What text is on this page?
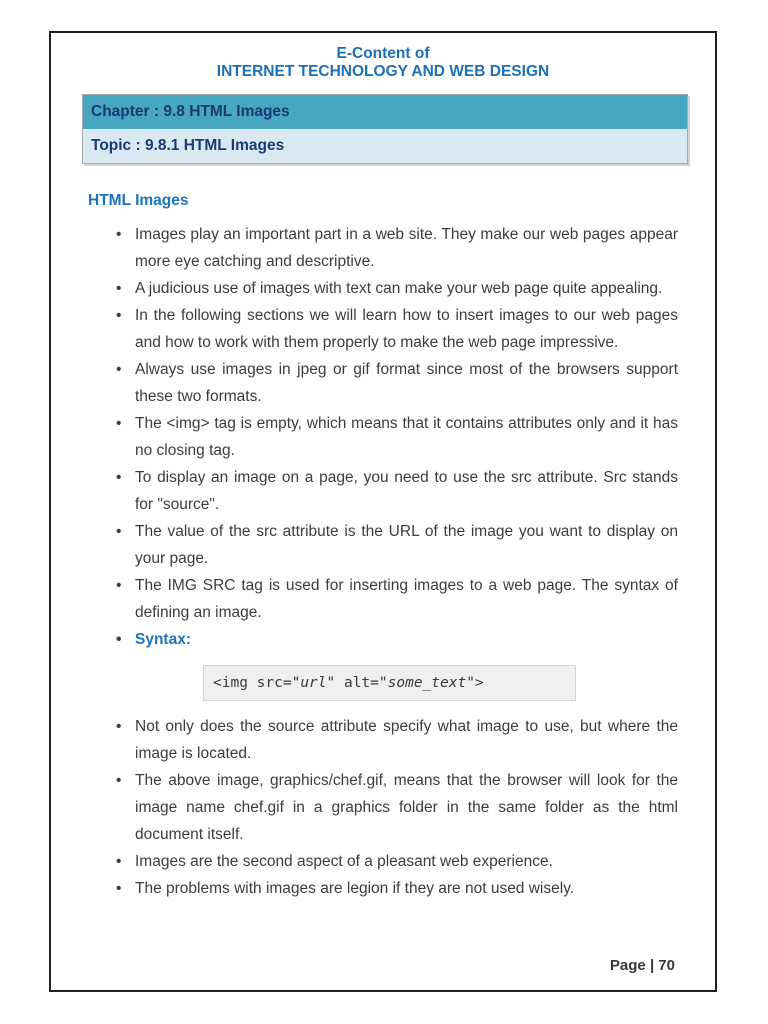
E-Content of
INTERNET TECHNOLOGY AND WEB DESIGN
Chapter : 9.8 HTML Images
Topic : 9.8.1 HTML Images
HTML Images
• Images play an important part in a web site. They make our web pages appear more eye catching and descriptive.
• A judicious use of images with text can make your web page quite appealing.
• In the following sections we will learn how to insert images to our web pages and how to work with them properly to make the web page impressive.
• Always use images in jpeg or gif format since most of the browsers support these two formats.
• The <img> tag is empty, which means that it contains attributes only and it has no closing tag.
• To display an image on a page, you need to use the src attribute. Src stands for "source".
• The value of the src attribute is the URL of the image you want to display on your page.
• The IMG SRC tag is used for inserting images to a web page. The syntax of defining an image.
• Syntax:
<img src="url" alt="some_text">
• Not only does the source attribute specify what image to use, but where the image is located.
• The above image, graphics/chef.gif, means that the browser will look for the image name chef.gif in a graphics folder in the same folder as the html document itself.
• Images are the second aspect of a pleasant web experience.
• The problems with images are legion if they are not used wisely.
Page | 70
